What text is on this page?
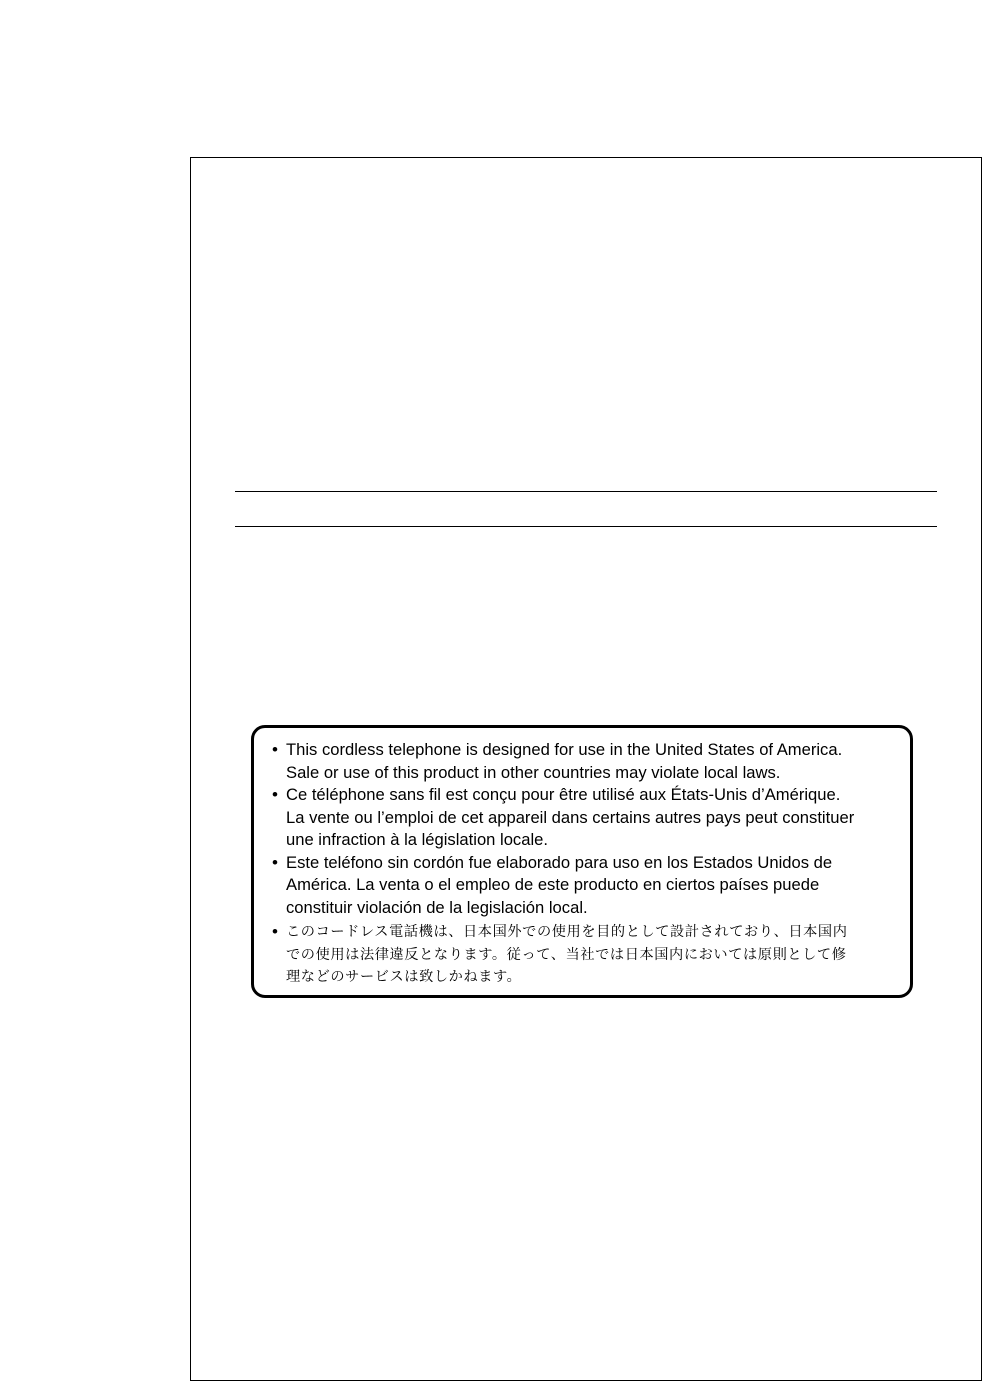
• This cordless telephone is designed for use in the United States of America.
Sale or use of this product in other countries may violate local laws.
• Ce téléphone sans fil est conçu pour être utilisé aux États-Unis d’Amérique.
La vente ou l’emploi de cet appareil dans certains autres pays peut constituer
une infraction à la législation locale.
• Este teléfono sin cordón fue elaborado para uso en los Estados Unidos de
América. La venta o el empleo de este producto en ciertos países puede
constituir violación de la legislación local.
• このコードレス電話機は、日本国外での使用を目的として設計されており、日本国内
での使用は法律違反となります。従って、当社では日本国内においては原則として修
理などのサービスは致しかねます。
